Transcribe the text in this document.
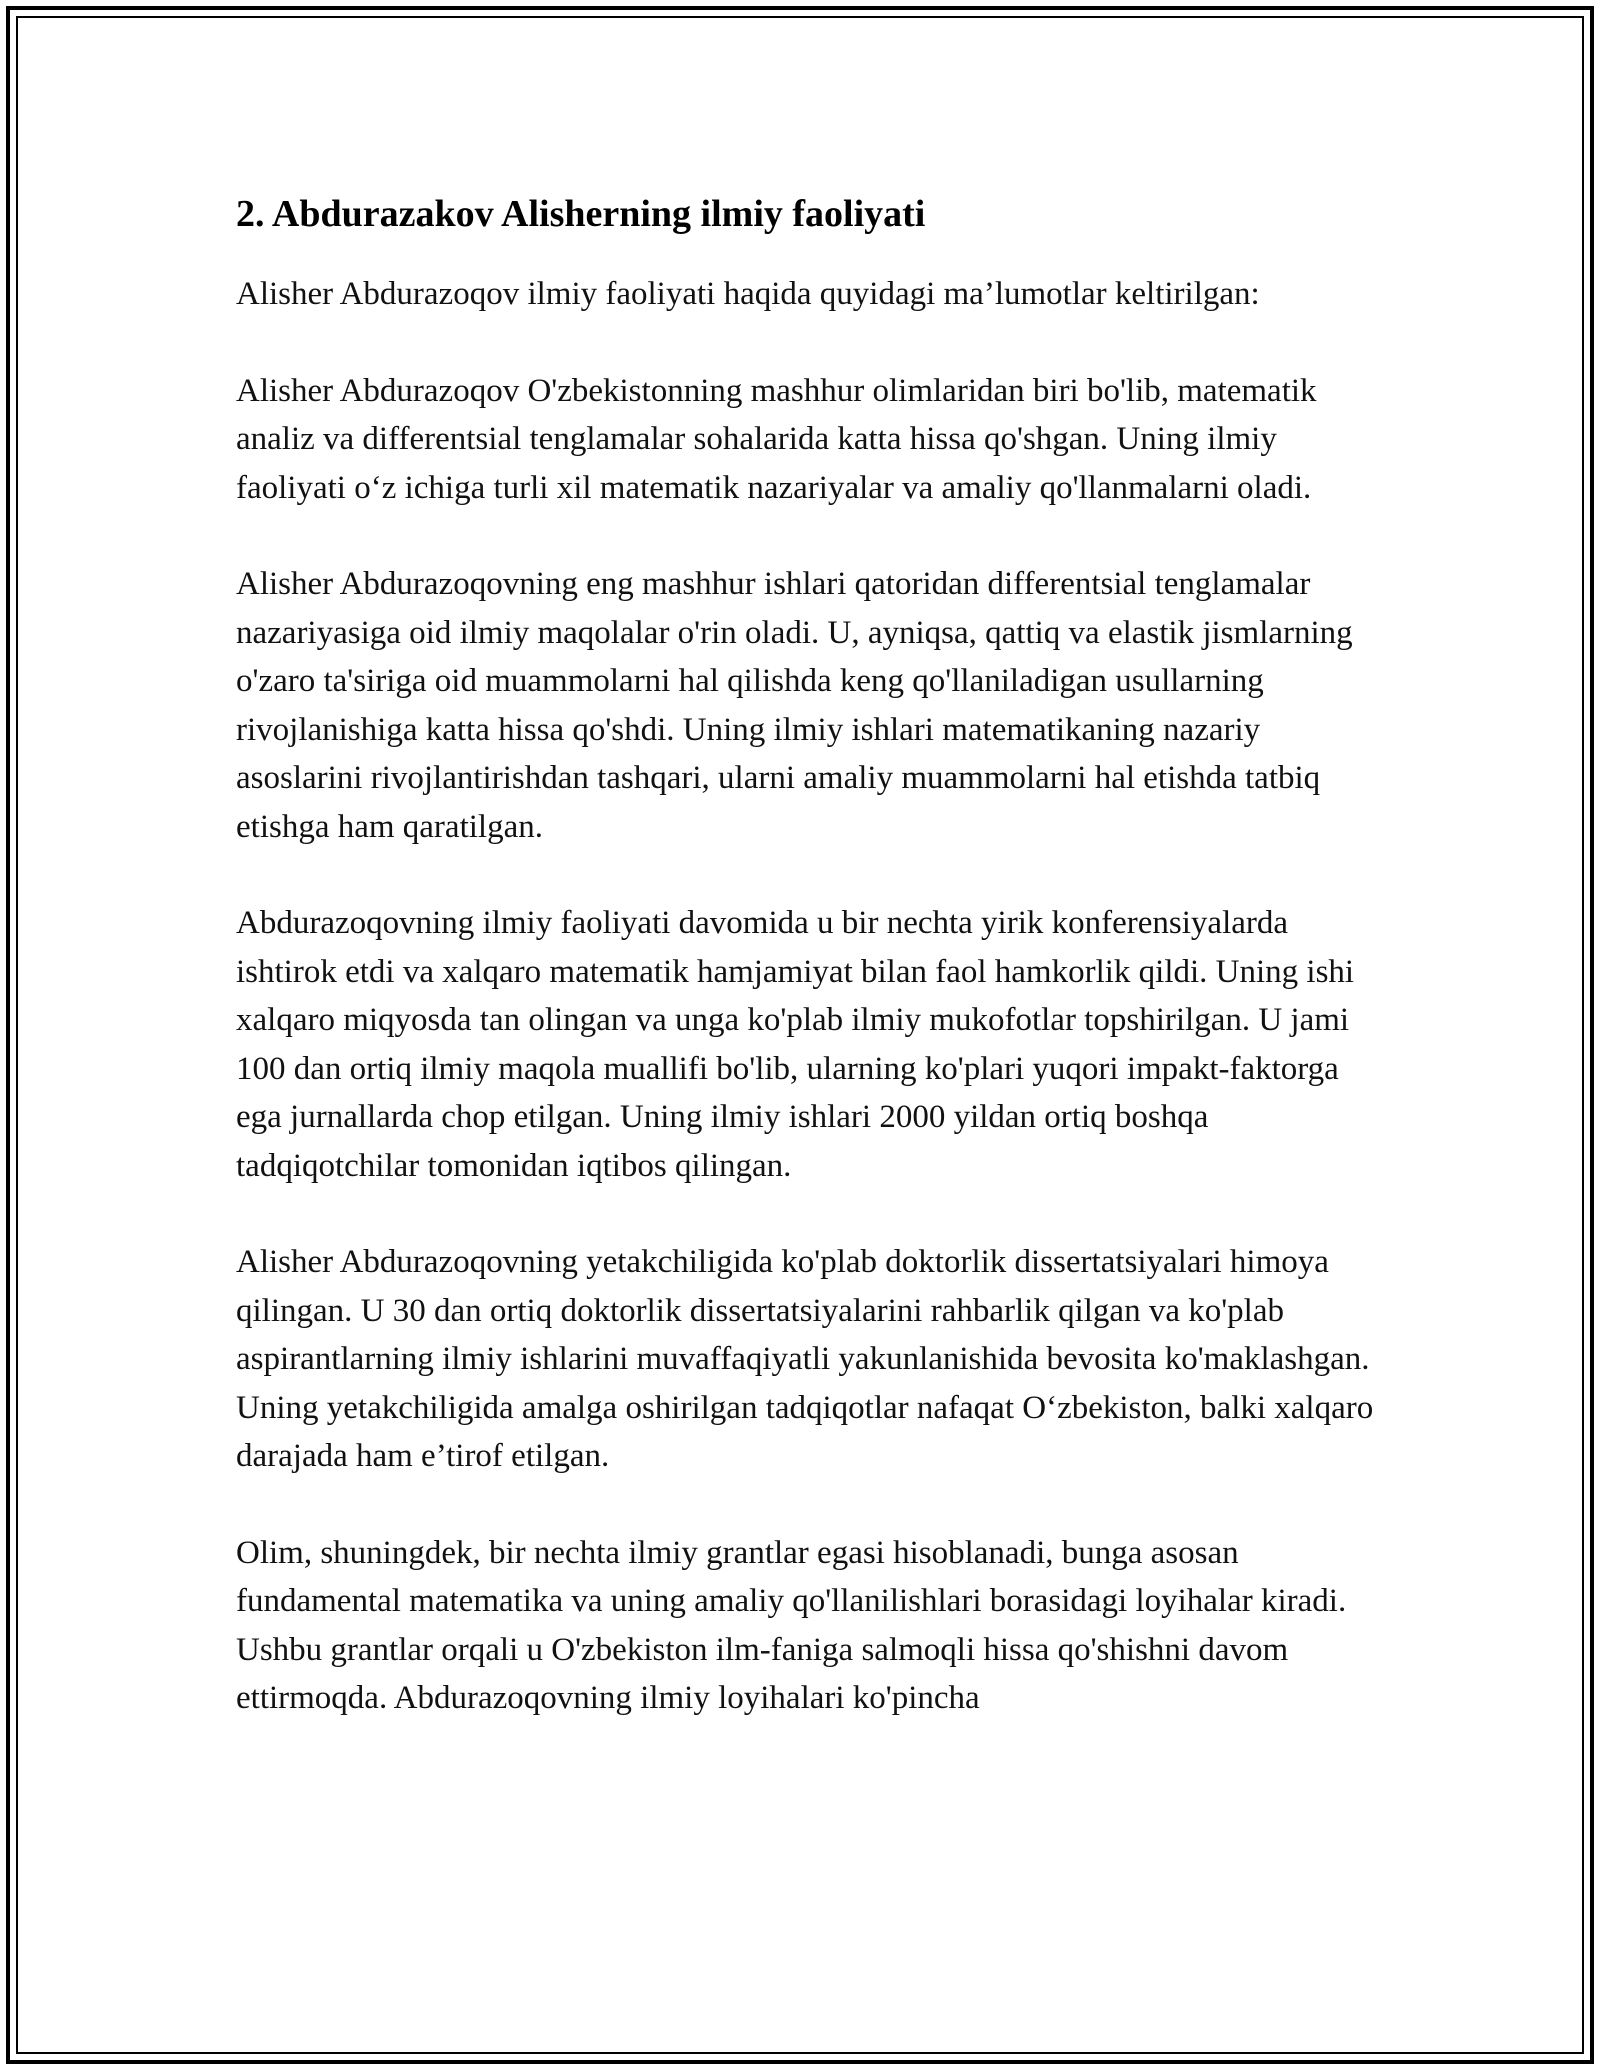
2. Abdurazakov Alisherning ilmiy faoliyati

Alisher Abdurazoqov ilmiy faoliyati haqida quyidagi ma’lumotlar keltirilgan:

Alisher Abdurazoqov O'zbekistonning mashhur olimlaridan biri bo'lib, matematik analiz va differentsial tenglamalar sohalarida katta hissa qo'shgan. Uning ilmiy faoliyati o‘z ichiga turli xil matematik nazariyalar va amaliy qo'llanmalarni oladi.

Alisher Abdurazoqovning eng mashhur ishlari qatoridan differentsial tenglamalar nazariyasiga oid ilmiy maqolalar o'rin oladi. U, ayniqsa, qattiq va elastik jismlarning o'zaro ta'siriga oid muammolarni hal qilishda keng qo'llaniladigan usullarning rivojlanishiga katta hissa qo'shdi. Uning ilmiy ishlari matematikaning nazariy asoslarini rivojlantirishdan tashqari, ularni amaliy muammolarni hal etishda tatbiq etishga ham qaratilgan.

Abdurazoqovning ilmiy faoliyati davomida u bir nechta yirik konferensiyalarda ishtirok etdi va xalqaro matematik hamjamiyat bilan faol hamkorlik qildi. Uning ishi xalqaro miqyosda tan olingan va unga ko'plab ilmiy mukofotlar topshirilgan. U jami 100 dan ortiq ilmiy maqola muallifi bo'lib, ularning ko'plari yuqori impakt-faktorga ega jurnallarda chop etilgan. Uning ilmiy ishlari 2000 yildan ortiq boshqa tadqiqotchilar tomonidan iqtibos qilingan.

Alisher Abdurazoqovning yetakchiligida ko'plab doktorlik dissertatsiyalari himoya qilingan. U 30 dan ortiq doktorlik dissertatsiyalarini rahbarlik qilgan va ko'plab aspirantlarning ilmiy ishlarini muvaffaqiyatli yakunlanishida bevosita ko'maklashgan. Uning yetakchiligida amalga oshirilgan tadqiqotlar nafaqat O‘zbekiston, balki xalqaro darajada ham e’tirof etilgan.

Olim, shuningdek, bir nechta ilmiy grantlar egasi hisoblanadi, bunga asosan fundamental matematika va uning amaliy qo'llanilishlari borasidagi loyihalar kiradi. Ushbu grantlar orqali u O'zbekiston ilm-faniga salmoqli hissa qo'shishni davom ettirmoqda. Abdurazoqovning ilmiy loyihalari ko'pincha
